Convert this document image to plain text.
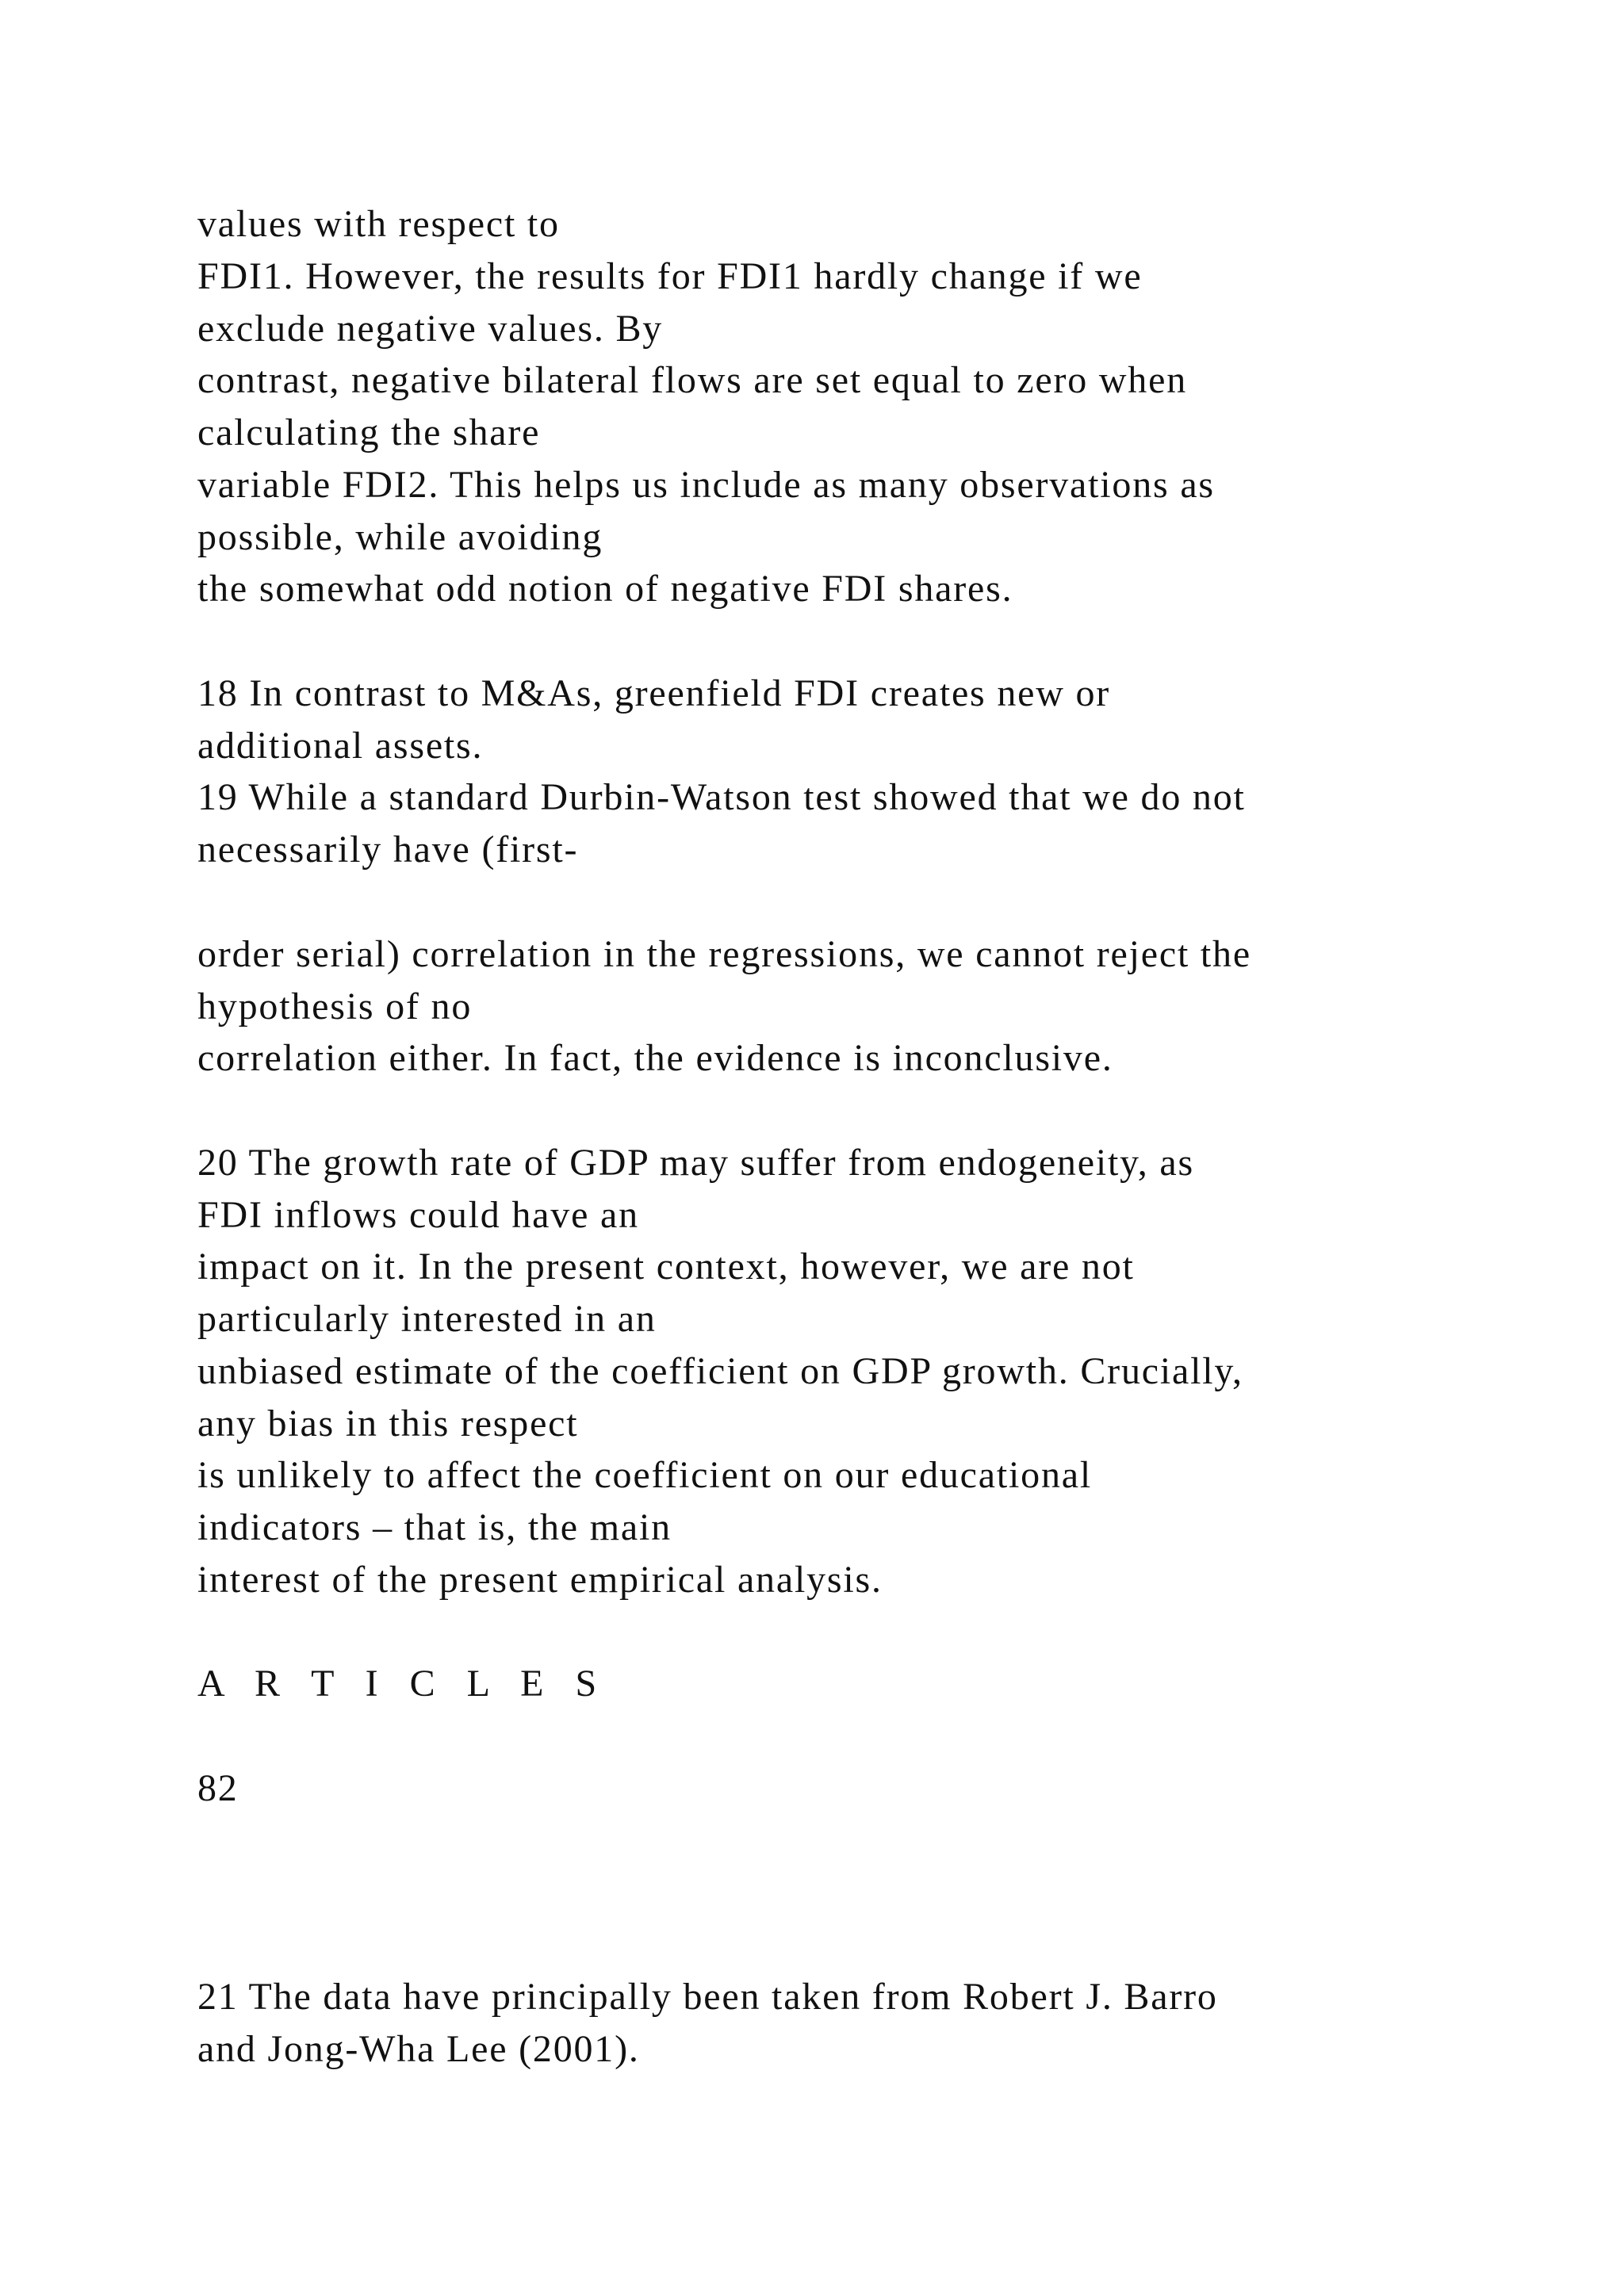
values with respect to

FDI1. However, the results for FDI1 hardly change if we

exclude negative values. By

contrast, negative bilateral flows are set equal to zero when

calculating the share

variable FDI2. This helps us include as many observations as

possible, while avoiding

the somewhat odd notion of negative FDI shares.

18 In contrast to M&As, greenfield FDI creates new or

additional assets.

19 While a standard Durbin-Watson test showed that we do not

necessarily have (first-

order serial) correlation in the regressions, we cannot reject the

hypothesis of no

correlation either. In fact, the evidence is inconclusive.

20 The growth rate of GDP may suffer from endogeneity, as

FDI inflows could have an

impact on it. In the present context, however, we are not

particularly interested in an

unbiased estimate of the coefficient on GDP growth. Crucially,

any bias in this respect

is unlikely to affect the coefficient on our educational

indicators – that is, the main

interest of the present empirical analysis.

A R T I C L E S

82

21 The data have principally been taken from Robert J. Barro

and Jong-Wha Lee (2001).
